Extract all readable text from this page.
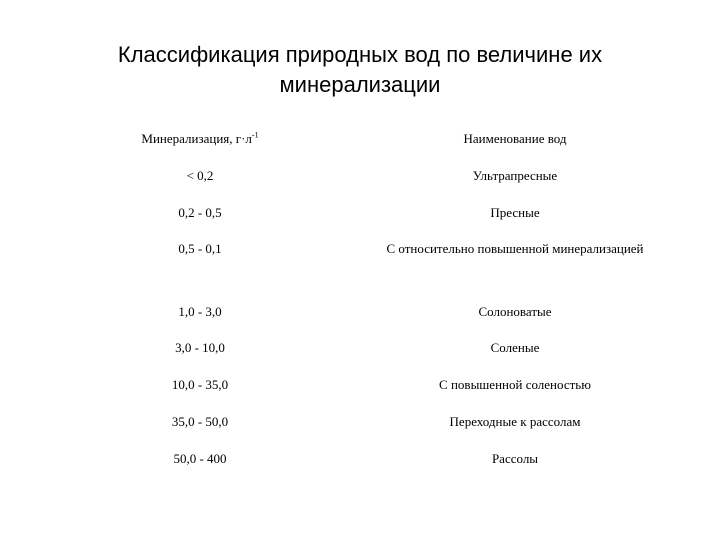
Классификация природных вод по величине их
минерализации
Минерализация, $г\cdot л^{-1}$	Наименование вод
< 0,2	Ультрапресные
0,2 - 0,5	Пресные
0,5 - 0,1	С относительно повышенной минерализацией
1,0 - 3,0	Солоноватые
3,0 - 10,0	Соленые
10,0 - 35,0	С повышенной соленостью
35,0 - 50,0	Переходные к рассолам
50,0 - 400	Рассолы
